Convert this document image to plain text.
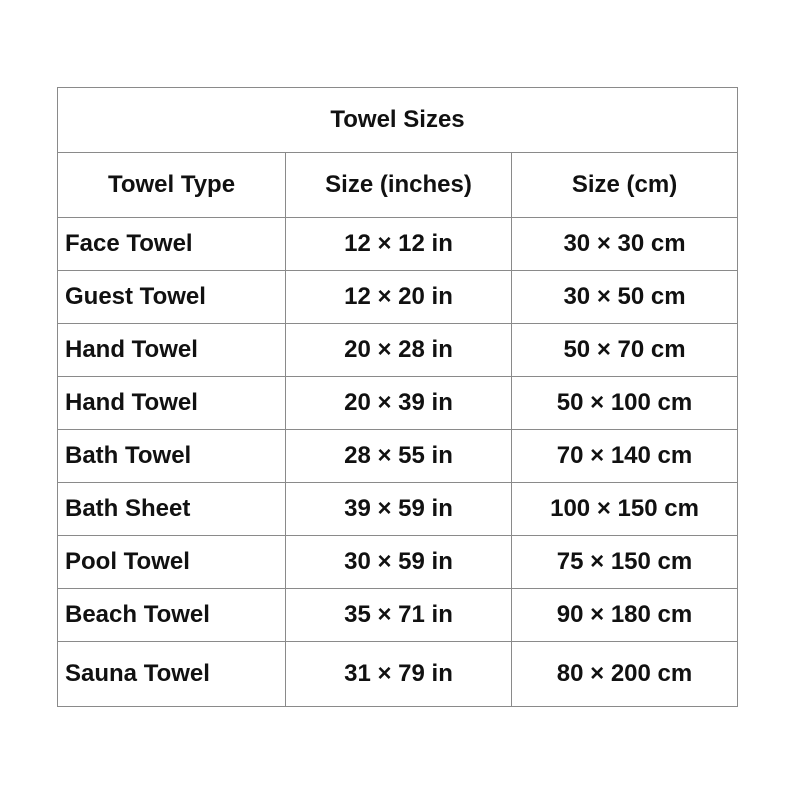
Towel Sizes		
Towel Type	Size (inches)	Size (cm)
Face Towel	12 × 12 in	30 × 30 cm
Guest Towel	12 × 20 in	30 × 50 cm
Hand Towel	20 × 28 in	50 × 70 cm
Hand Towel	20 × 39 in	50 × 100 cm
Bath Towel	28 × 55 in	70 × 140 cm
Bath Sheet	39 × 59 in	100 × 150 cm
Pool Towel	30 × 59 in	75 × 150 cm
Beach Towel	35 × 71 in	90 × 180 cm
Sauna Towel	31 × 79 in	80 × 200 cm
